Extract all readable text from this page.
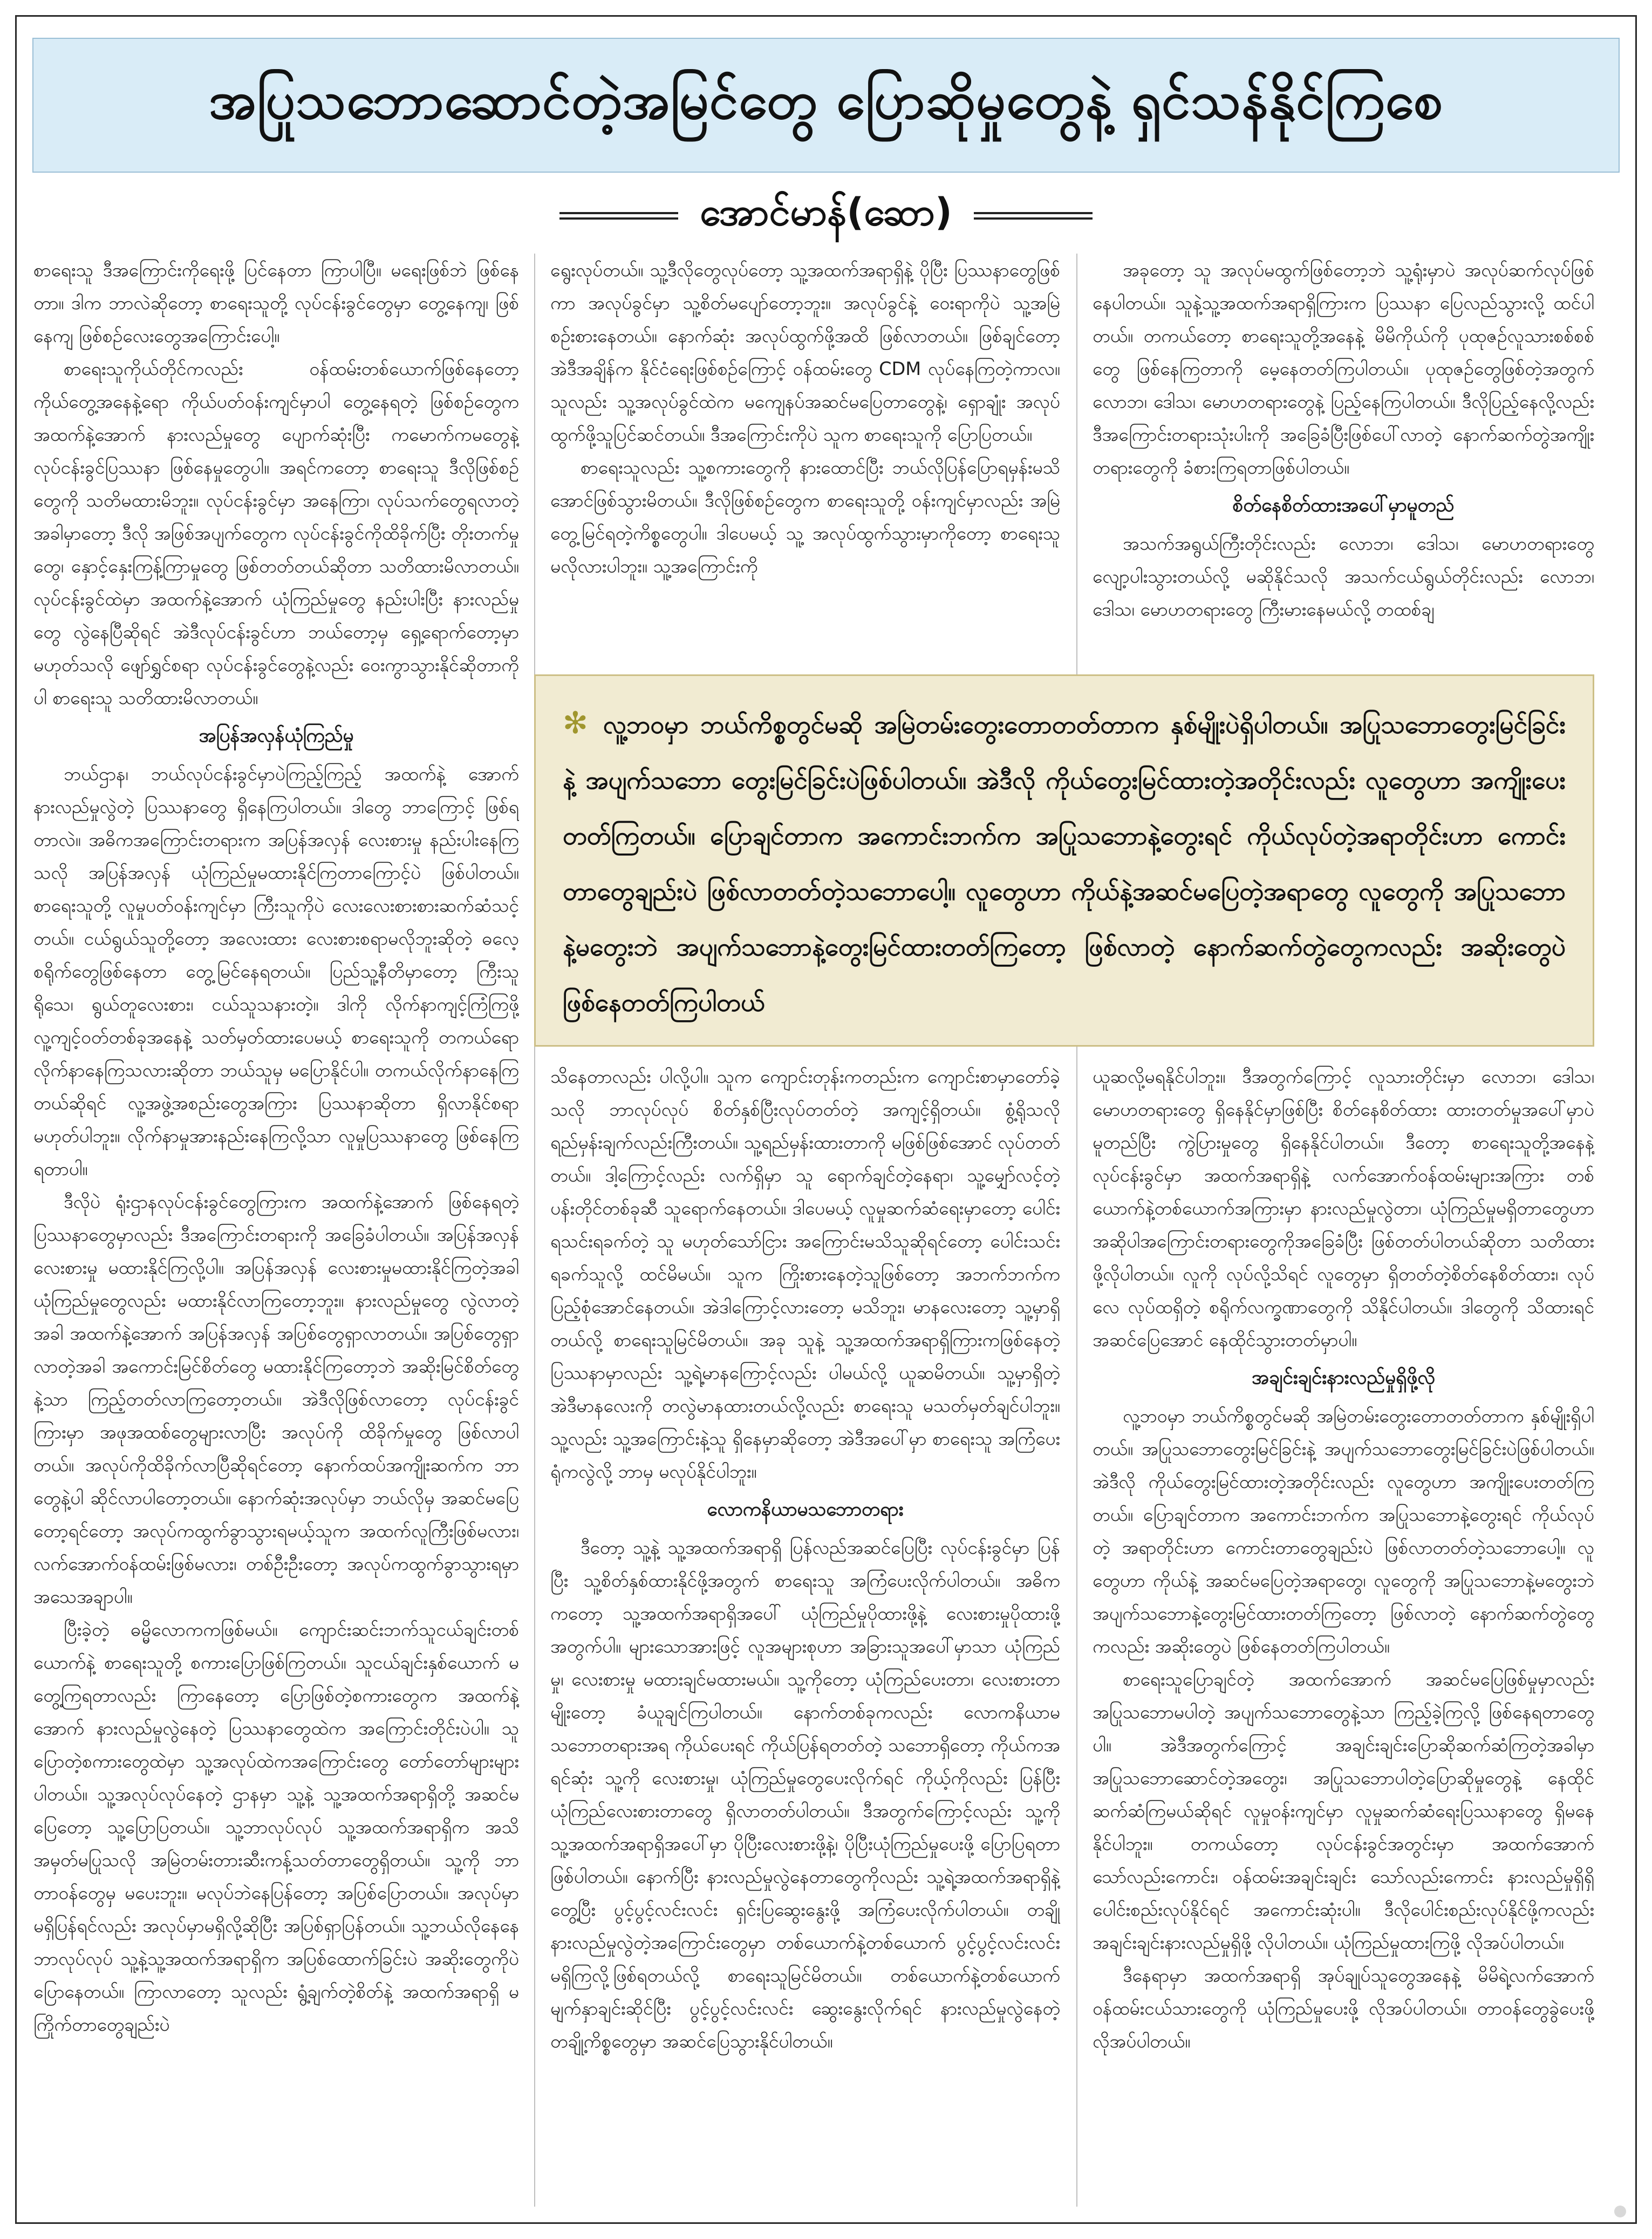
အပြုသဘောဆောင်တဲ့အမြင်တွေ ပြောဆိုမှုတွေနဲ့ ရှင်သန်နိုင်ကြစေ
အောင်မာန်(ဆော)

စာရေးသူ ဒီအကြောင်းကိုရေးဖို့ ပြင်နေတာ ကြာပါပြီ။ မရေးဖြစ်ဘဲ ဖြစ်နေတာ။ ဒါက ဘာလဲဆိုတော့ စာရေးသူတို့ လုပ်ငန်းခွင်တွေမှာ တွေ့နေကျ၊ ဖြစ်နေကျ ဖြစ်စဉ်လေးတွေအကြောင်းပေါ့။

စာရေးသူကိုယ်တိုင်ကလည်း ဝန်ထမ်းတစ်ယောက်ဖြစ်နေတော့ ကိုယ်တွေ့အနေနဲ့ရော ကိုယ်ပတ်ဝန်းကျင်မှာပါ တွေ့နေရတဲ့ ဖြစ်စဉ်တွေက အထက်နဲ့အောက် နားလည်မှုတွေ ပျောက်ဆုံးပြီး ကမောက်ကမတွေနဲ့ လုပ်ငန်းခွင်ပြဿနာ ဖြစ်နေမှုတွေပါ။ အရင်ကတော့ စာရေးသူ ဒီလိုဖြစ်စဉ်တွေကို သတိမထားမိဘူး။ လုပ်ငန်းခွင်မှာ အနေကြာ၊ လုပ်သက်တွေရလာတဲ့အခါမှာတော့ ဒီလို အဖြစ်အပျက်တွေက လုပ်ငန်းခွင်ကိုထိခိုက်ပြီး တိုးတက်မှုတွေ၊ နှောင့်နှေးကြန့်ကြာမှုတွေ ဖြစ်တတ်တယ်ဆိုတာ သတိထားမိလာတယ်။ လုပ်ငန်းခွင်ထဲမှာ အထက်နဲ့အောက် ယုံကြည်မှုတွေ နည်းပါးပြီး နားလည်မှုတွေ လွဲနေပြီဆိုရင် အဲဒီလုပ်ငန်းခွင်ဟာ ဘယ်တော့မှ ရှေ့ရောက်တော့မှာ မဟုတ်သလို ဖျော်ရွှင်စရာ လုပ်ငန်းခွင်တွေနဲ့လည်း ဝေးကွာသွားနိုင်ဆိုတာကိုပါ စာရေးသူ သတိထားမိလာတယ်။

အပြန်အလှန်ယုံကြည်မှု

ဘယ်ဌာန၊ ဘယ်လုပ်ငန်းခွင်မှာပဲကြည့်ကြည့် အထက်နဲ့ အောက် နားလည်မှုလွဲတဲ့ ပြဿနာတွေ ရှိနေကြပါတယ်။ ဒါတွေ ဘာကြောင့် ဖြစ်ရတာလဲ။ အဓိကအကြောင်းတရားက အပြန်အလှန် လေးစားမှု နည်းပါးနေကြသလို အပြန်အလှန် ယုံကြည်မှုမထားနိုင်ကြတာကြောင့်ပဲ ဖြစ်ပါတယ်။ စာရေးသူတို့ လူမှုပတ်ဝန်းကျင်မှာ ကြီးသူကိုပဲ လေးလေးစားစားဆက်ဆံသင့်တယ်။ ငယ်ရွယ်သူတို့တော့ အလေးထား လေးစားစရာမလိုဘူးဆိုတဲ့ ဓလေ့စရိုက်တွေဖြစ်နေတာ တွေ့မြင်နေရတယ်။ ပြည်သူ့နီတိမှာတော့ ကြီးသူရိုသေ၊ ရွယ်တူလေးစား၊ ငယ်သူသနားတဲ့။ ဒါကို လိုက်နာကျင့်ကြံကြဖို့ လူ့ကျင့်ဝတ်တစ်ခုအနေနဲ့ သတ်မှတ်ထားပေမယ့် စာရေးသူကို တကယ်ရော လိုက်နာနေကြသလားဆိုတာ ဘယ်သူမှ မပြောနိုင်ပါ။ တကယ်လိုက်နာနေကြတယ်ဆိုရင် လူ့အဖွဲ့အစည်းတွေအကြား ပြဿနာဆိုတာ ရှိလာနိုင်စရာ မဟုတ်ပါဘူး။ လိုက်နာမှုအားနည်းနေကြလို့သာ လူမှုပြဿနာတွေ ဖြစ်နေကြရတာပါ။

ဒီလိုပဲ ရုံးဌာနလုပ်ငန်းခွင်တွေကြားက အထက်နဲ့အောက် ဖြစ်နေရတဲ့ ပြဿနာတွေမှာလည်း ဒီအကြောင်းတရားကို အခြေခံပါတယ်။ အပြန်အလှန်လေးစားမှု မထားနိုင်ကြလို့ပါ။ အပြန်အလှန် လေးစားမှုမထားနိုင်ကြတဲ့အခါ ယုံကြည်မှုတွေလည်း မထားနိုင်လာကြတော့ဘူး။ နားလည်မှုတွေ လွဲလာတဲ့အခါ အထက်နဲ့အောက် အပြန်အလှန် အပြစ်တွေရှာလာတယ်။ အပြစ်တွေရှာလာတဲ့အခါ အကောင်းမြင်စိတ်တွေ မထားနိုင်ကြတော့ဘဲ အဆိုးမြင်စိတ်တွေနဲ့သာ ကြည့်တတ်လာကြတော့တယ်။ အဲဒီလိုဖြစ်လာတော့ လုပ်ငန်းခွင်ကြားမှာ အဖုအထစ်တွေများလာပြီး အလုပ်ကို ထိခိုက်မှုတွေ ဖြစ်လာပါတယ်။ အလုပ်ကိုထိခိုက်လာပြီဆိုရင်တော့ နောက်ထပ်အကျိုးဆက်က ဘာတွေနဲ့ပါ ဆိုင်လာပါတော့တယ်။ နောက်ဆုံးအလုပ်မှာ ဘယ်လိုမှ အဆင်မပြေတော့ရင်တော့ အလုပ်ကထွက်ခွာသွားရမယ့်သူက အထက်လူကြီးဖြစ်မလား၊ လက်အောက်ဝန်ထမ်းဖြစ်မလား၊ တစ်ဦးဦးတော့ အလုပ်ကထွက်ခွာသွားရမှာ အသေအချာပါ။

ပြီးခဲ့တဲ့ ဓမ္မိလောကကဖြစ်မယ်။ ကျောင်းဆင်းဘက်သူငယ်ချင်းတစ်ယောက်နဲ့ စာရေးသူတို့ စကားပြောဖြစ်ကြတယ်။ သူငယ်ချင်းနှစ်ယောက် မတွေ့ကြရတာလည်း ကြာနေတော့ ပြောဖြစ်တဲ့စကားတွေက အထက်နဲ့အောက် နားလည်မှုလွဲနေတဲ့ ပြဿနာတွေထဲက အကြောင်းတိုင်းပဲပါ။ သူပြောတဲ့စကားတွေထဲမှာ သူ့အလုပ်ထဲကအကြောင်းတွေ တော်တော်များများပါတယ်။ သူ့အလုပ်လုပ်နေတဲ့ ဌာနမှာ သူ့နဲ့ သူ့အထက်အရာရှိတို့ အဆင်မပြေတော့ သူ့ပြောပြတယ်။ သူ့ဘာလုပ်လုပ် သူ့အထက်အရာရှိက အသိအမှတ်မပြုသလို အမြဲတမ်းတားဆီးကန့်သတ်တာတွေရှိတယ်။ သူ့ကို ဘာတာဝန်တွေမှ မပေးဘူး။ မလုပ်ဘဲနေပြန်တော့ အပြစ်ပြောတယ်။ အလုပ်မှာ မရှိပြန်ရင်လည်း အလုပ်မှာမရှိလို့ဆိုပြီး အပြစ်ရှာပြန်တယ်။ သူ့ဘယ်လိုနေနေ ဘာလုပ်လုပ် သူ့နဲ့သူ့အထက်အရာရှိက အပြစ်ထောက်ခြင်းပဲ အဆိုးတွေကိုပဲ ပြောနေတယ်။ ကြာလာတော့ သူလည်း ရွံ့ချက်တဲ့စိတ်နဲ့ အထက်အရာရှိ မကြိုက်တာတွေချည်းပဲ

ရွေးလုပ်တယ်။ သူ့ဒီလိုတွေလုပ်တော့ သူ့အထက်အရာရှိနဲ့ ပိုပြီး ပြဿနာတွေဖြစ်ကာ အလုပ်ခွင်မှာ သူ့စိတ်မပျော်တော့ဘူး။ အလုပ်ခွင်နဲ့ ဝေးရာကိုပဲ သူ့အမြဲစဉ်းစားနေတယ်။ နောက်ဆုံး အလုပ်ထွက်ဖို့အထိ ဖြစ်လာတယ်။ ဖြစ်ချင်တော့ အဲဒီအချိန်က နိုင်ငံရေးဖြစ်စဉ်ကြောင့် ဝန်ထမ်းတွေ CDM လုပ်နေကြတဲ့ကာလ။ သူလည်း သူ့အလုပ်ခွင်ထဲက မကျေနပ်အဆင်မပြေတာတွေနဲ့၊ ရှောချုံး အလုပ်ထွက်ဖို့သူပြင်ဆင်တယ်။ ဒီအကြောင်းကိုပဲ သူက စာရေးသူကို ပြောပြတယ်။

စာရေးသူလည်း သူ့စကားတွေကို နားထောင်ပြီး ဘယ်လိုပြန်ပြောရမှန်းမသိအောင်ဖြစ်သွားမိတယ်။ ဒီလိုဖြစ်စဉ်တွေက စာရေးသူတို့ ဝန်းကျင်မှာလည်း အမြဲတွေ့မြင်ရတဲ့ကိစ္စတွေပါ။ ဒါပေမယ့် သူ့ အလုပ်ထွက်သွားမှာကိုတော့ စာရေးသူ မလိုလားပါဘူး။ သူ့အကြောင်းကို

အခုတော့ သူ အလုပ်မထွက်ဖြစ်တော့ဘဲ သူ့ရုံးမှာပဲ အလုပ်ဆက်လုပ်ဖြစ်နေပါတယ်။ သူနဲ့သူ့အထက်အရာရှိကြားက ပြဿနာ ပြေလည်သွားလို့ ထင်ပါတယ်။ တကယ်တော့ စာရေးသူတို့အနေနဲ့ မိမိကိုယ်ကို ပုထုဇဉ်လူသားစစ်စစ်တွေ ဖြစ်နေကြတာကို မေ့နေတတ်ကြပါတယ်။ ပုထုဇဉ်တွေဖြစ်တဲ့အတွက် လောဘ၊ ဒေါသ၊ မောဟတရားတွေနဲ့ ပြည့်နေကြပါတယ်။ ဒီလိုပြည့်နေလို့လည်း ဒီအကြောင်းတရားသုံးပါးကို အခြေခံပြီးဖြစ်ပေါ်လာတဲ့ နောက်ဆက်တွဲအကျိုးတရားတွေကို ခံစားကြရတာဖြစ်ပါတယ်။

စိတ်နေစိတ်ထားအပေါ်မှာမူတည်

အသက်အရွယ်ကြီးတိုင်းလည်း လောဘ၊ ဒေါသ၊ မောဟတရားတွေ လျော့ပါးသွားတယ်လို့ မဆိုနိုင်သလို အသက်ငယ်ရွယ်တိုင်းလည်း လောဘ၊ ဒေါသ၊ မောဟတရားတွေ ကြီးမားနေမယ်လို့ တထစ်ချ

✻ လူ့ဘဝမှာ ဘယ်ကိစ္စတွင်မဆို အမြဲတမ်းတွေးတောတတ်တာက နှစ်မျိုးပဲရှိပါတယ်။ အပြုသဘောတွေးမြင်ခြင်းနဲ့ အပျက်သဘော တွေးမြင်ခြင်းပဲဖြစ်ပါတယ်။ အဲဒီလို ကိုယ်တွေးမြင်ထားတဲ့အတိုင်းလည်း လူတွေဟာ အကျိုးပေးတတ်ကြတယ်။ ပြောချင်တာက အကောင်းဘက်က အပြုသဘောနဲ့တွေးရင် ကိုယ်လုပ်တဲ့အရာတိုင်းဟာ ကောင်းတာတွေချည်းပဲ ဖြစ်လာတတ်တဲ့သဘောပေါ့။ လူတွေဟာ ကိုယ်နဲ့အဆင်မပြေတဲ့အရာတွေ လူတွေကို အပြုသဘောနဲ့မတွေးဘဲ အပျက်သဘောနဲ့တွေးမြင်ထားတတ်ကြတော့ ဖြစ်လာတဲ့ နောက်ဆက်တွဲတွေကလည်း အဆိုးတွေပဲ ဖြစ်နေတတ်ကြပါတယ်

သိနေတာလည်း ပါလို့ပါ။ သူက ကျောင်းတုန်းကတည်းက ကျောင်းစာမှာတော်ခဲ့သလို ဘာလုပ်လုပ် စိတ်နှစ်ပြီးလုပ်တတ်တဲ့ အကျင့်ရှိတယ်။ စွံ့ရိုသလို ရည်မှန်းချက်လည်းကြီးတယ်။ သူ့ရည်မှန်းထားတာကို မဖြစ်ဖြစ်အောင် လုပ်တတ်တယ်။ ဒါ့ကြောင့်လည်း လက်ရှိမှာ သူ ရောက်ချင်တဲ့နေရာ၊ သူ့မျှော်လင့်တဲ့ ပန်းတိုင်တစ်ခုဆီ သူရောက်နေတယ်။ ဒါပေမယ့် လူမှုဆက်ဆံရေးမှာတော့ ပေါင်းရသင်းရခက်တဲ့ သူ မဟုတ်သော်ငြား အကြောင်းမသိသူဆိုရင်တော့ ပေါင်းသင်းရခက်သူလို့ ထင်မိမယ်။ သူက ကြိုးစားနေတဲ့သူဖြစ်တော့ အဘက်ဘက်က ပြည့်စုံအောင်နေတယ်။ အဲဒါကြောင့်လားတော့ မသိဘူး၊ မာနလေးတော့ သူ့မှာရှိတယ်လို့ စာရေးသူမြင်မိတယ်။ အခု သူနဲ့ သူ့အထက်အရာရှိကြားကဖြစ်နေတဲ့ ပြဿနာမှာလည်း သူ့ရဲ့မာနကြောင့်လည်း ပါမယ်လို့ ယူဆမိတယ်။ သူ့မှာရှိတဲ့ အဲဒီမာနလေးကို တလွဲမာနထားတယ်လို့လည်း စာရေးသူ မသတ်မှတ်ချင်ပါဘူး။ သူ့လည်း သူ့အကြောင်းနဲ့သူ ရှိနေမှာဆိုတော့ အဲဒီအပေါ်မှာ စာရေးသူ အကြံပေးရုံကလွဲလို့ ဘာမှ မလုပ်နိုင်ပါဘူး။

လောကနိယာမသဘောတရား

ဒီတော့ သူ့နဲ့ သူ့အထက်အရာရှိ ပြန်လည်အဆင်ပြေပြီး လုပ်ငန်းခွင်မှာ ပြန်ပြီး သူ့စိတ်နှစ်ထားနိုင်ဖို့အတွက် စာရေးသူ အကြံပေးလိုက်ပါတယ်။ အဓိကကတော့ သူ့အထက်အရာရှိအပေါ် ယုံကြည်မှုပိုထားဖို့နဲ့ လေးစားမှုပိုထားဖို့အတွက်ပါ။ များသောအားဖြင့် လူအများစုဟာ အခြားသူအပေါ်မှာသာ ယုံကြည်မှု၊ လေးစားမှု မထားချင်မထားမယ်။ သူ့ကိုတော့ ယုံကြည်ပေးတာ၊ လေးစားတာမျိုးတော့ ခံယူချင်ကြပါတယ်။ နောက်တစ်ခုကလည်း လောကနိယာမသဘောတရားအရ ကိုယ်ပေးရင် ကိုယ်ပြန်ရတတ်တဲ့ သဘောရှိတော့ ကိုယ်ကအရင်ဆုံး သူ့ကို လေးစားမှု၊ ယုံကြည်မှုတွေပေးလိုက်ရင် ကိုယ့်ကိုလည်း ပြန်ပြီးယုံကြည်လေးစားတာတွေ ရှိလာတတ်ပါတယ်။ ဒီအတွက်ကြောင့်လည်း သူ့ကို သူ့အထက်အရာရှိအပေါ်မှာ ပိုပြီးလေးစားဖို့နဲ့၊ ပိုပြီးယုံကြည်မှုပေးဖို့ ပြောပြရတာဖြစ်ပါတယ်။ နောက်ပြီး နားလည်မှုလွဲနေတာတွေကိုလည်း သူ့ရဲ့အထက်အရာရှိနဲ့တွေ့ပြီး ပွင့်ပွင့်လင်းလင်း ရှင်းပြဆွေးနွေးဖို့ အကြံပေးလိုက်ပါတယ်။ တချို့ နားလည်မှုလွဲတဲ့အကြောင်းတွေမှာ တစ်ယောက်နဲ့တစ်ယောက် ပွင့်ပွင့်လင်းလင်း မရှိကြလို့ဖြစ်ရတယ်လို့ စာရေးသူမြင်မိတယ်။ တစ်ယောက်နဲ့တစ်ယောက် မျက်နှာချင်းဆိုင်ပြီး ပွင့်ပွင့်လင်းလင်း ဆွေးနွေးလိုက်ရင် နားလည်မှုလွဲနေတဲ့ တချို့ကိစ္စတွေမှာ အဆင်ပြေသွားနိုင်ပါတယ်။

ယူဆလို့မရနိုင်ပါဘူး။ ဒီအတွက်ကြောင့် လူသားတိုင်းမှာ လောဘ၊ ဒေါသ၊ မောဟတရားတွေ ရှိနေနိုင်မှာဖြစ်ပြီး စိတ်နေစိတ်ထား ထားတတ်မှုအပေါ်မှာပဲ မူတည်ပြီး ကွဲပြားမှုတွေ ရှိနေနိုင်ပါတယ်။ ဒီတော့ စာရေးသူတို့အနေနဲ့ လုပ်ငန်းခွင်မှာ အထက်အရာရှိနဲ့ လက်အောက်ဝန်ထမ်းများအကြား တစ်ယောက်နဲ့တစ်ယောက်အကြားမှာ နားလည်မှုလွဲတာ၊ ယုံကြည်မှုမရှိတာတွေဟာ အဆိုပါအကြောင်းတရားတွေကိုအခြေခံပြီး ဖြစ်တတ်ပါတယ်ဆိုတာ သတိထားဖို့လိုပါတယ်။ လူကို လုပ်လို့သိရင် လူတွေမှာ ရှိတတ်တဲ့စိတ်နေစိတ်ထား၊ လုပ်လေ လုပ်ထရှိတဲ့ စရိုက်လက္ခဏာတွေကို သိနိုင်ပါတယ်။ ဒါတွေကို သိထားရင် အဆင်ပြေအောင် နေထိုင်သွားတတ်မှာပါ။

အချင်းချင်းနားလည်မှုရှိဖို့လို

လူ့ဘဝမှာ ဘယ်ကိစ္စတွင်မဆို အမြဲတမ်းတွေးတောတတ်တာက နှစ်မျိုးရှိပါတယ်။ အပြုသဘောတွေးမြင်ခြင်းနဲ့ အပျက်သဘောတွေးမြင်ခြင်းပဲဖြစ်ပါတယ်။ အဲဒီလို ကိုယ်တွေးမြင်ထားတဲ့အတိုင်းလည်း လူတွေဟာ အကျိုးပေးတတ်ကြတယ်။ ပြောချင်တာက အကောင်းဘက်က အပြုသဘောနဲ့တွေးရင် ကိုယ်လုပ်တဲ့ အရာတိုင်းဟာ ကောင်းတာတွေချည်းပဲ ဖြစ်လာတတ်တဲ့သဘောပေါ့။ လူတွေဟာ ကိုယ်နဲ့ အဆင်မပြေတဲ့အရာတွေ၊ လူတွေကို အပြုသဘောနဲ့မတွေးဘဲ အပျက်သဘောနဲ့တွေးမြင်ထားတတ်ကြတော့ ဖြစ်လာတဲ့ နောက်ဆက်တွဲတွေကလည်း အဆိုးတွေပဲ ဖြစ်နေတတ်ကြပါတယ်။

စာရေးသူပြောချင်တဲ့ အထက်အောက် အဆင်မပြေဖြစ်မှုမှာလည်း အပြုသဘောမပါတဲ့ အပျက်သဘောတွေနဲ့သာ ကြည့်ခဲ့ကြလို့ ဖြစ်နေရတာတွေပါ။ အဲဒီအတွက်ကြောင့် အချင်းချင်းပြောဆိုဆက်ဆံကြတဲ့အခါမှာ အပြုသဘောဆောင်တဲ့အတွေး၊ အပြုသဘောပါတဲ့ပြောဆိုမှုတွေနဲ့ နေထိုင်ဆက်ဆံကြမယ်ဆိုရင် လူမှုဝန်းကျင်မှာ လူမှုဆက်ဆံရေးပြဿနာတွေ ရှိမနေနိုင်ပါဘူး။ တကယ်တော့ လုပ်ငန်းခွင်အတွင်းမှာ အထက်အောက်သော်လည်းကောင်း၊ ဝန်ထမ်းအချင်းချင်း သော်လည်းကောင်း နားလည်မှုရှိရှိ ပေါင်းစည်းလုပ်နိုင်ရင် အကောင်းဆုံးပါ။ ဒီလိုပေါင်းစည်းလုပ်နိုင်ဖို့ကလည်း အချင်းချင်းနားလည်မှုရှိဖို့ လိုပါတယ်။ ယုံကြည်မှုထားကြဖို့ လိုအပ်ပါတယ်။

ဒီနေရာမှာ အထက်အရာရှိ အုပ်ချုပ်သူတွေအနေနဲ့ မိမိရဲ့လက်အောက်ဝန်ထမ်းငယ်သားတွေကို ယုံကြည်မှုပေးဖို့ လိုအပ်ပါတယ်။ တာဝန်တွေခွဲပေးဖို့ လိုအပ်ပါတယ်။
